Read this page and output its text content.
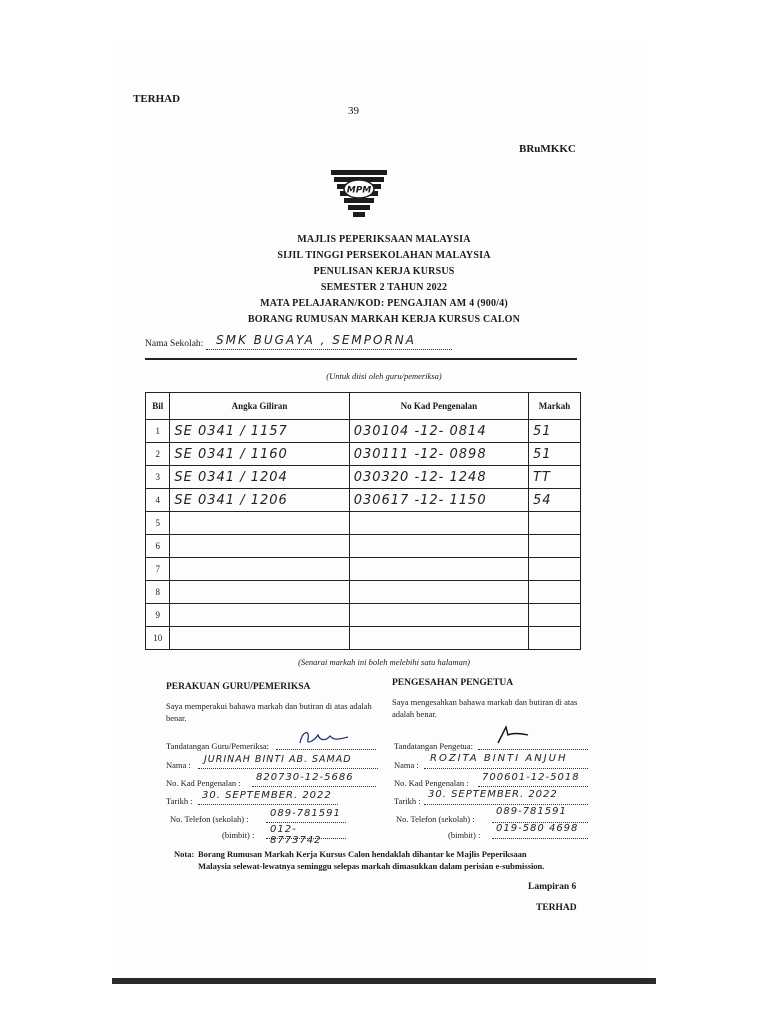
TERHAD
39
BRuMKKC
MPM
MAJLIS PEPERIKSAAN MALAYSIA
SIJIL TINGGI PERSEKOLAHAN MALAYSIA
PENULISAN KERJA KURSUS
SEMESTER 2 TAHUN 2022
MATA PELAJARAN/KOD: PENGAJIAN AM 4 (900/4)
BORANG RUMUSAN MARKAH KERJA KURSUS CALON
Nama Sekolah: SMK BUGAYA , SEMPORNA
(Untuk diisi oleh guru/pemeriksa)
Bil	Angka Giliran	No Kad Pengenalan	Markah
1	SE 0341 / 1157	030104 -12- 0814	51
2	SE 0341 / 1160	030111 -12- 0898	51
3	SE 0341 / 1204	030320 -12- 1248	TT
4	SE 0341 / 1206	030617 -12- 1150	54
5			
6			
7			
8			
9			
10			
(Senarai markah ini boleh melebihi satu halaman)
PERAKUAN GURU/PEMERIKSA
Saya memperakui bahawa markah dan butiran di atas adalah benar.
Tandatangan Guru/Pemeriksa:
Nama : JURINAH BINTI AB. SAMAD
No. Kad Pengenalan : 820730-12-5686
Tarikh : 30. SEPTEMBER. 2022
No. Telefon (sekolah) : 089-781591
(bimbit) : 012-8773742
PENGESAHAN PENGETUA
Saya mengesahkan bahawa markah dan butiran di atas adalah benar.
Tandatangan Pengetua:
Nama :
ROZITA BINTI ANJUH
No. Kad Pengenalan : 700601-12-5018
Tarikh :
30. SEPTEMBER. 2022
No. Telefon (sekolah) :
089-781591
(bimbit) :
019-580 4698
Nota: Borang Rumusan Markah Kerja Kursus Calon hendaklah dihantar ke Majlis Peperiksaan
Malaysia selewat-lewatnya seminggu selepas markah dimasukkan dalam perisian e-submission.
Lampiran 6
TERHAD
